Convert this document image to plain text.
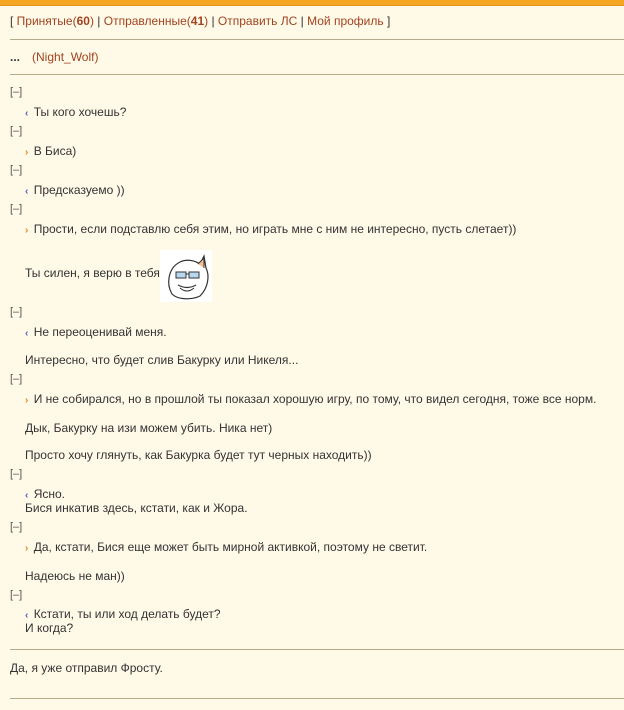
[ Принятые(60) | Отправленные(41) | Отправить ЛС | Мой профиль ]
... (Night_Wolf)
[–]
‹ Ты кого хочешь?
[–]
› В Биса)
[–]
‹ Предсказуемо ))
[–]
› Прости, если подставлю себя этим, но играть мне с ним не интересно, пусть слетает))
Ты силен, я верю в тебя
[–]
‹ Не переоценивай меня.
Интересно, что будет слив Бакурку или Никеля...
[–]
› И не собирался, но в прошлой ты показал хорошую игру, по тому, что видел сегодня, тоже все норм.
Дык, Бакурку на изи можем убить. Ника нет)
Просто хочу глянуть, как Бакурка будет тут черных находить))
[–]
‹ Ясно.
Бися инкатив здесь, кстати, как и Жора.
[–]
› Да, кстати, Бися еще может быть мирной активкой, поэтому не светит.
Надеюсь не ман))
[–]
‹ Кстати, ты или ход делать будет?
И когда?
Да, я уже отправил Фросту.
